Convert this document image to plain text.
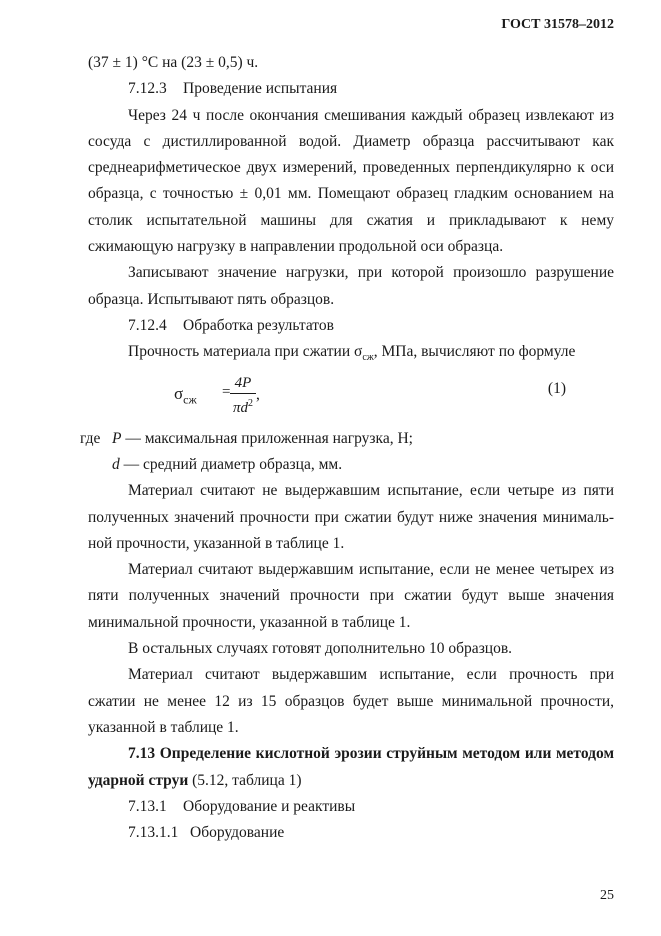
ГОСТ 31578–2012

(37 ± 1) °С на (23 ± 0,5) ч.

7.12.3 Проведение испытания

Через 24 ч после окончания смешивания каждый образец извлекают из сосуда с дистиллированной водой. Диаметр образца рассчитывают как среднеарифметическое двух измерений, проведенных перпендикулярно к оси образца, с точностью ± 0,01 мм. Помещают образец гладким основанием на столик испытательной машины для сжатия и прикладывают к нему сжимающую нагрузку в направлении продольной оси образца.

Записывают значение нагрузки, при которой произошло разрушение образца. Испытывают пять образцов.

7.12.4 Обработка результатов

Прочность материала при сжатии $\sigma_{сж}$, МПа, вычисляют по формуле

$\sigma_{сж}$ =
4P
$\pi d^2$
,	(1)
где P — максимальная приложенная нагрузка, Н;
d — средний диаметр образца, мм.

Материал считают не выдержавшим испытание, если четыре из пяти полученных значений прочности при сжатии будут ниже значения минималь-ной прочности, указанной в таблице 1.

Материал считают выдержавшим испытание, если не менее четырех из пяти полученных значений прочности при сжатии будут выше значения минимальной прочности, указанной в таблице 1.

В остальных случаях готовят дополнительно 10 образцов.

Материал считают выдержавшим испытание, если прочность при сжатии не менее 12 из 15 образцов будет выше минимальной прочности, указанной в таблице 1.

7.13 Определение кислотной эрозии струйным методом или методом ударной струи (5.12, таблица 1)

7.13.1 Оборудование и реактивы

7.13.1.1 Оборудование

25
